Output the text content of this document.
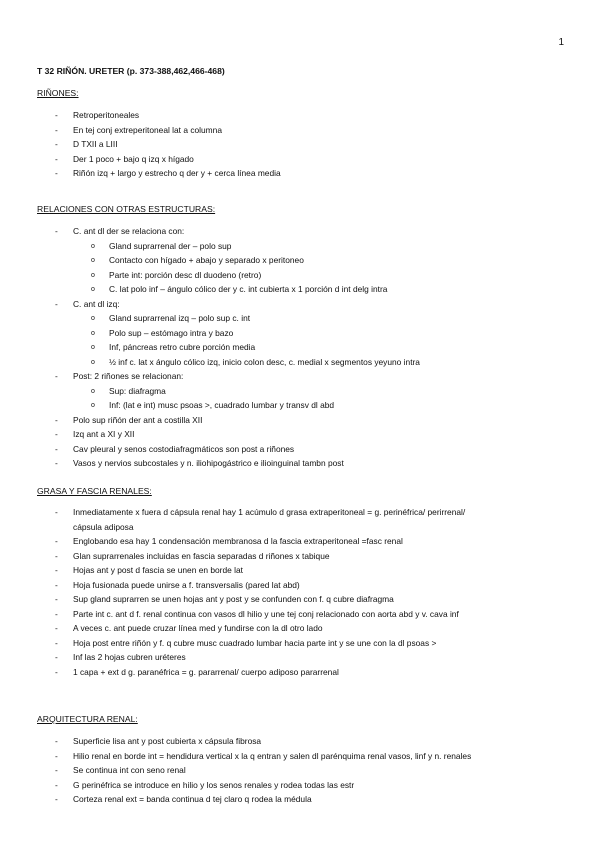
1
T 32 RIÑÓN. URETER (p. 373-388,462,466-468)
RIÑONES:
- Retroperitoneales
- En tej conj extreperitoneal lat a columna
- D TXII a LIII
- Der 1 poco + bajo q izq x hígado
- Riñón izq + largo y estrecho q der y + cerca línea media
RELACIONES CON OTRAS ESTRUCTURAS:
- C. ant dl der se relaciona con:
o Gland suprarrenal der – polo sup
o Contacto con hígado + abajo y separado x peritoneo
o Parte int: porción desc dl duodeno (retro)
o C. lat polo inf – ángulo cólico der y c. int cubierta x 1 porción d int delg intra
- C. ant dl izq:
o Gland suprarrenal izq – polo sup c. int
o Polo sup – estómago intra y bazo
o Inf, páncreas retro cubre porción media
o ½ inf c. lat x ángulo cólico izq, inicio colon desc, c. medial x segmentos yeyuno intra
- Post: 2 riñones se relacionan:
o Sup: diafragma
o Inf: (lat e int) musc psoas >, cuadrado lumbar y transv dl abd
- Polo sup riñón der ant a costilla XII
- Izq ant a XI y XII
- Cav pleural y senos costodiafragmáticos son post a riñones
- Vasos y nervios subcostales y n. iliohipogástrico e ilioinguinal tambn post
GRASA Y FASCIA RENALES:
- Inmediatamente x fuera d cápsula renal hay 1 acúmulo d grasa extraperitoneal = g. perinéfrica/ perirrenal/
cápsula adiposa
- Englobando esa hay 1 condensación membranosa d la fascia extraperitoneal =fasc renal
- Glan suprarrenales incluidas en fascia separadas d riñones x tabique
- Hojas ant y post d fascia se unen en borde lat
- Hoja fusionada puede unirse a f. transversalis (pared lat abd)
- Sup gland suprarren se unen hojas ant y post y se confunden con f. q cubre diafragma
- Parte int c. ant d f. renal continua con vasos dl hilio y une tej conj relacionado con aorta abd y v. cava inf
- A veces c. ant puede cruzar línea med y fundirse con la dl otro lado
- Hoja post entre riñón y f. q cubre musc cuadrado lumbar hacia parte int y se une con la dl psoas >
- Inf las 2 hojas cubren uréteres
- 1 capa + ext d g. paranéfrica = g. pararrenal/ cuerpo adiposo pararrenal
ARQUITECTURA RENAL:
- Superficie lisa ant y post cubierta x cápsula fibrosa
- Hilio renal en borde int = hendidura vertical x la q entran y salen dl parénquima renal vasos, linf y n. renales
- Se continua int con seno renal
- G perinéfrica se introduce en hilio y los senos renales y rodea todas las estr
- Corteza renal ext = banda continua d tej claro q rodea la médula
